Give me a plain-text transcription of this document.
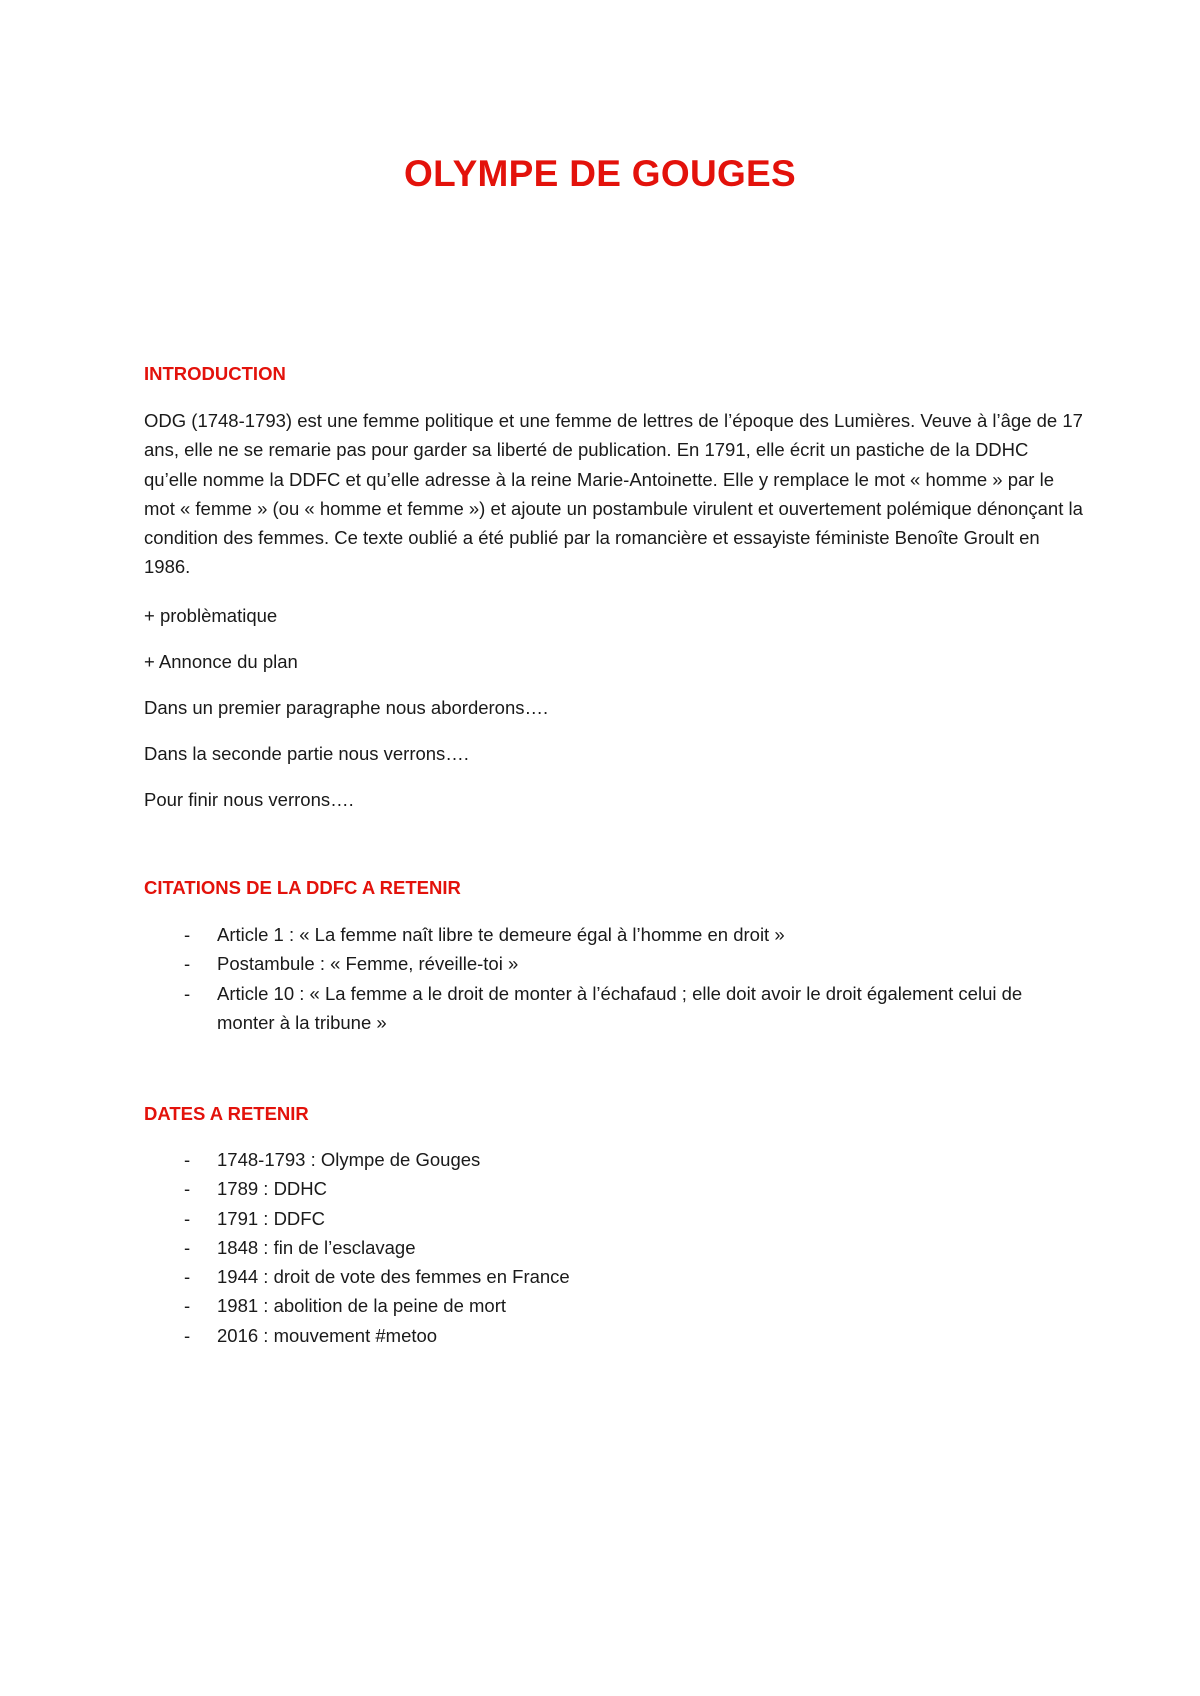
OLYMPE DE GOUGES
INTRODUCTION

ODG (1748-1793) est une femme politique et une femme de lettres de l’époque des Lumières. Veuve à l’âge de 17 ans, elle ne se remarie pas pour garder sa liberté de publication. En 1791, elle écrit un pastiche de la DDHC qu’elle nomme la DDFC et qu’elle adresse à la reine Marie-Antoinette. Elle y remplace le mot « homme » par le mot « femme » (ou « homme et femme ») et ajoute un postambule virulent et ouvertement polémique dénonçant la condition des femmes. Ce texte oublié a été publié par la romancière et essayiste féministe Benoîte Groult en 1986.

+ problèmatique

+ Annonce du plan

Dans un premier paragraphe nous aborderons….

Dans la seconde partie nous verrons….

Pour finir nous verrons….

CITATIONS DE LA DDFC A RETENIR
- Article 1 : « La femme naît libre te demeure égal à l’homme en droit »
- Postambule : « Femme, réveille-toi »
- Article 10 : « La femme a le droit de monter à l’échafaud ; elle doit avoir le droit également celui de monter à la tribune »
DATES A RETENIR
- 1748-1793 : Olympe de Gouges
- 1789 : DDHC
- 1791 : DDFC
- 1848 : fin de l’esclavage
- 1944 : droit de vote des femmes en France
- 1981 : abolition de la peine de mort
- 2016 : mouvement #metoo
